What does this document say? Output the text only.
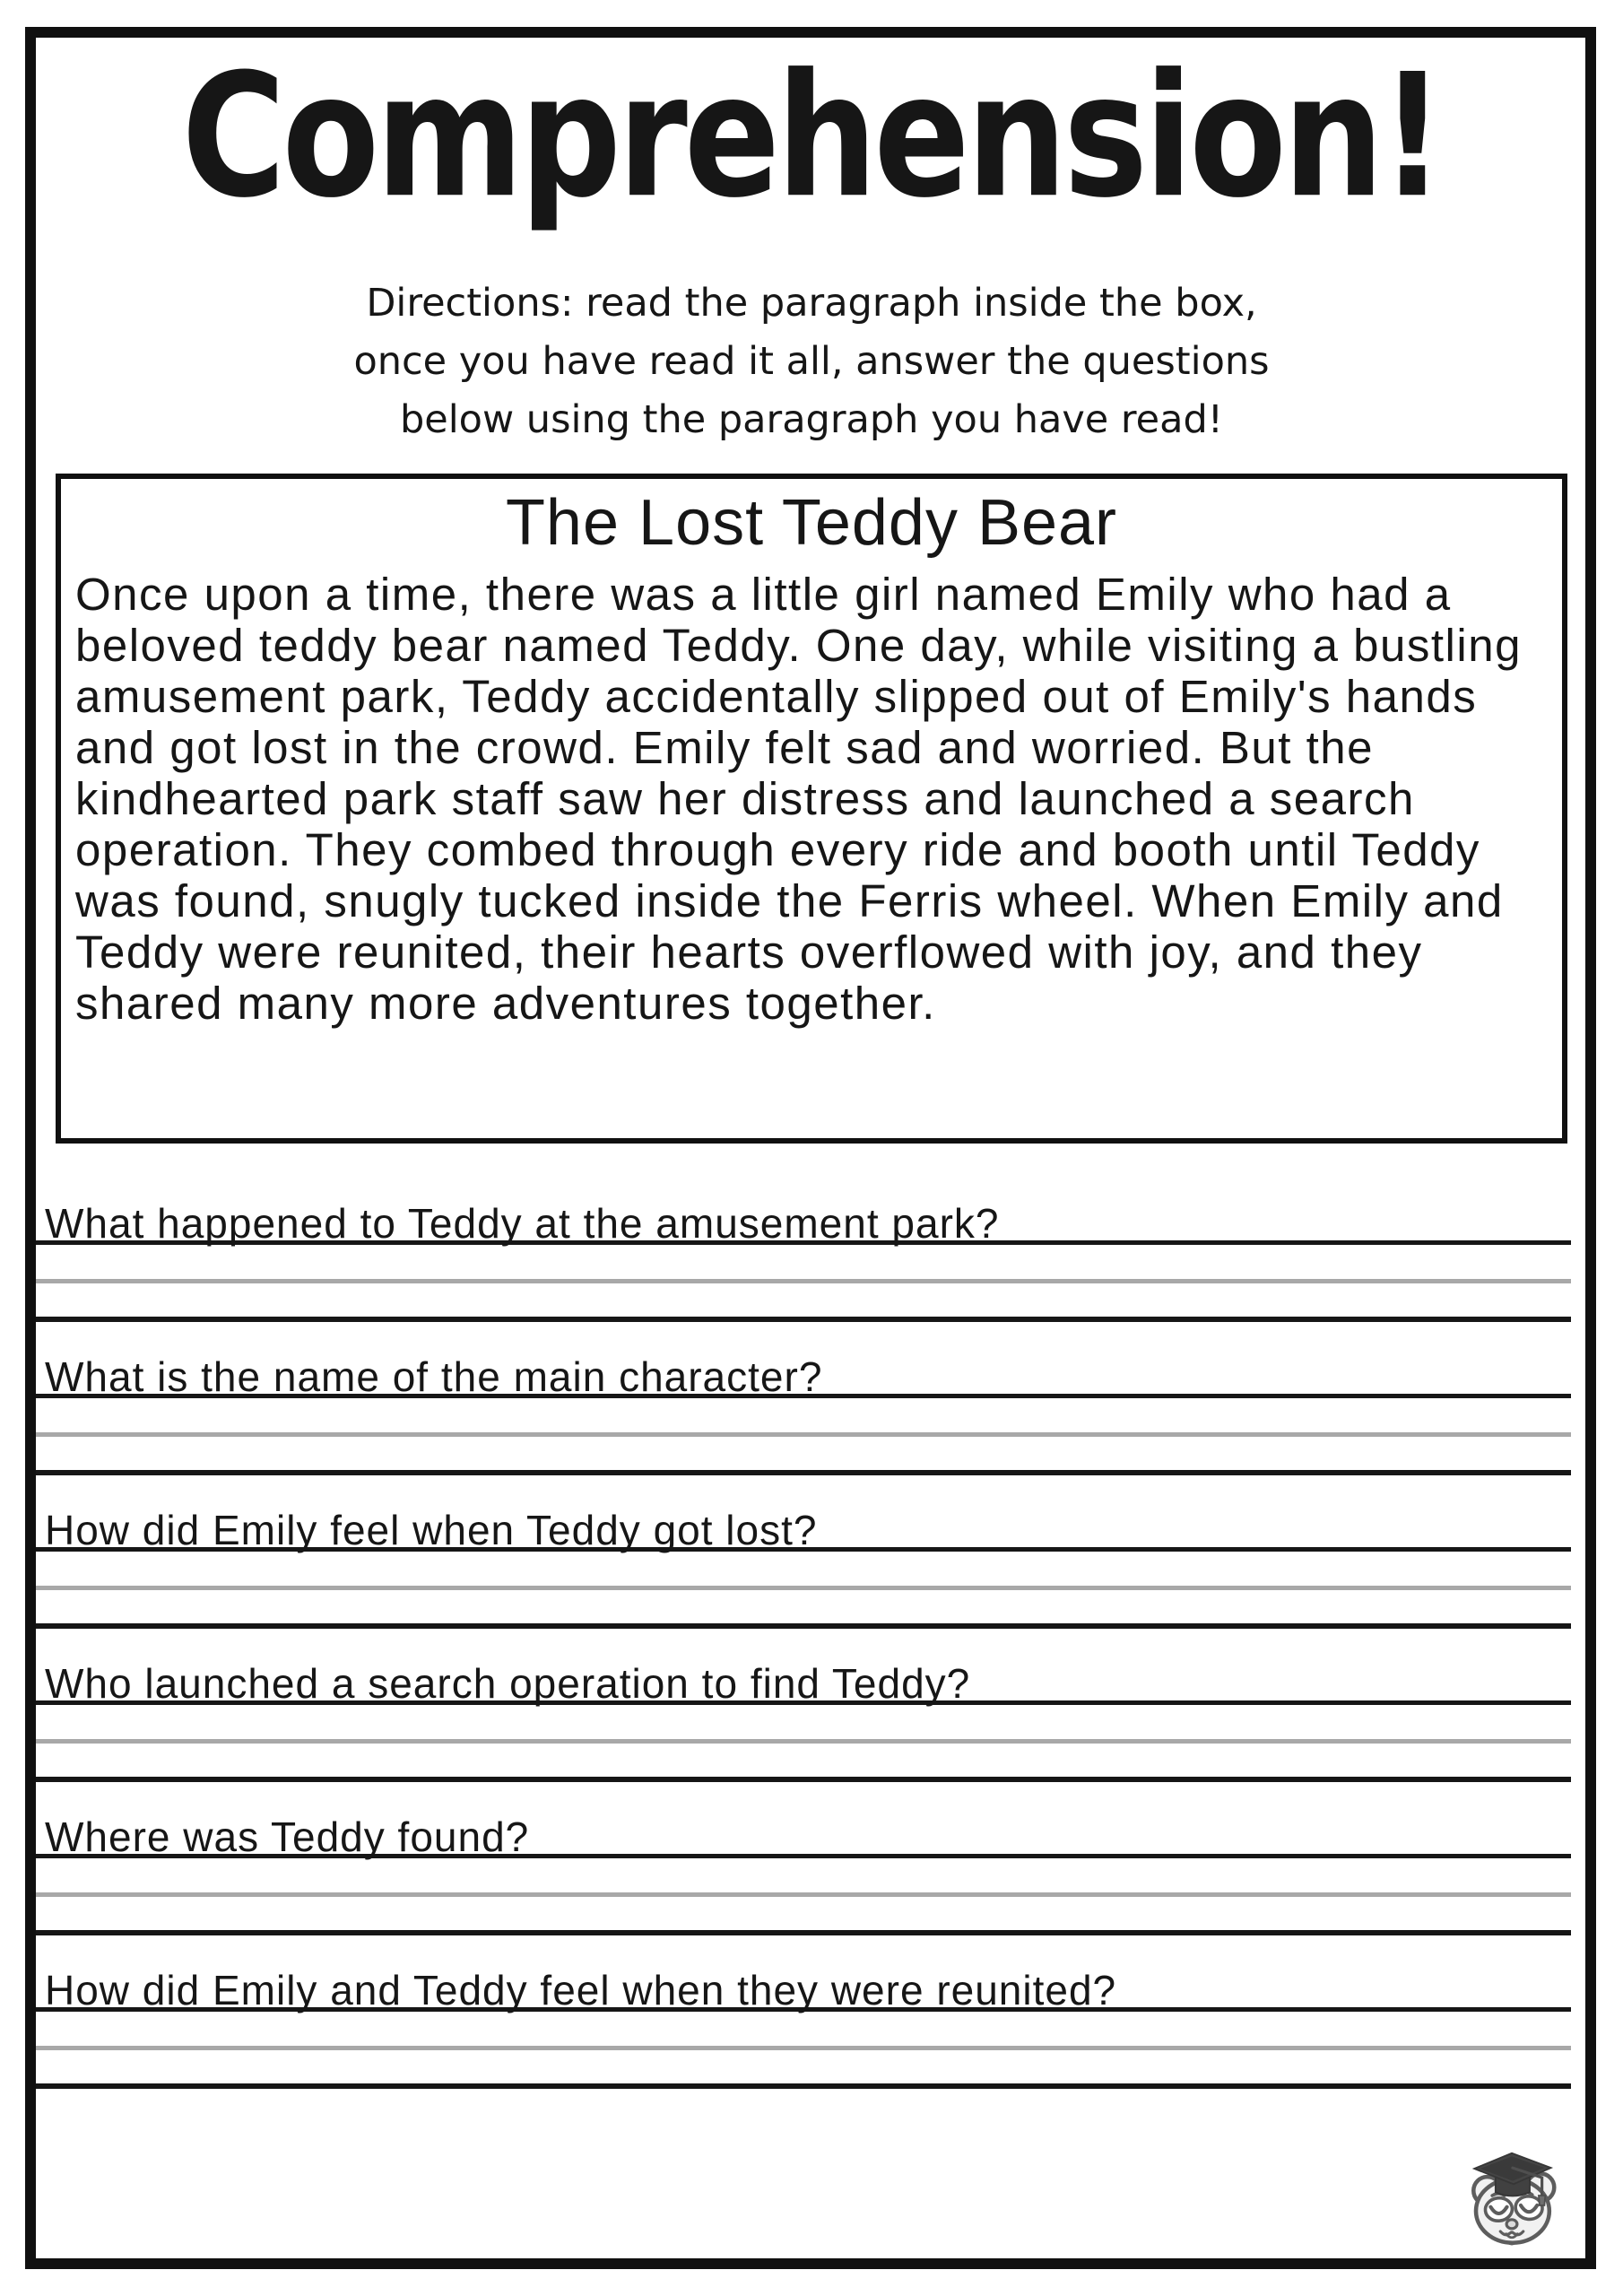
Comprehension!
Directions: read the paragraph inside the box,
once you have read it all, answer the questions
below using the paragraph you have read!
The Lost Teddy Bear
Once upon a time, there was a little girl named Emily who had a beloved teddy bear named Teddy. One day, while visiting a bustling amusement park, Teddy accidentally slipped out of Emily's hands and got lost in the crowd. Emily felt sad and worried. But the kindhearted park staff saw her distress and launched a search operation. They combed through every ride and booth until Teddy was found, snugly tucked inside the Ferris wheel. When Emily and Teddy were reunited, their hearts overflowed with joy, and they shared many more adventures together.
What happened to Teddy at the amusement park?
What is the name of the main character?
How did Emily feel when Teddy got lost?
Who launched a search operation to find Teddy?
Where was Teddy found?
How did Emily and Teddy feel when they were reunited?
